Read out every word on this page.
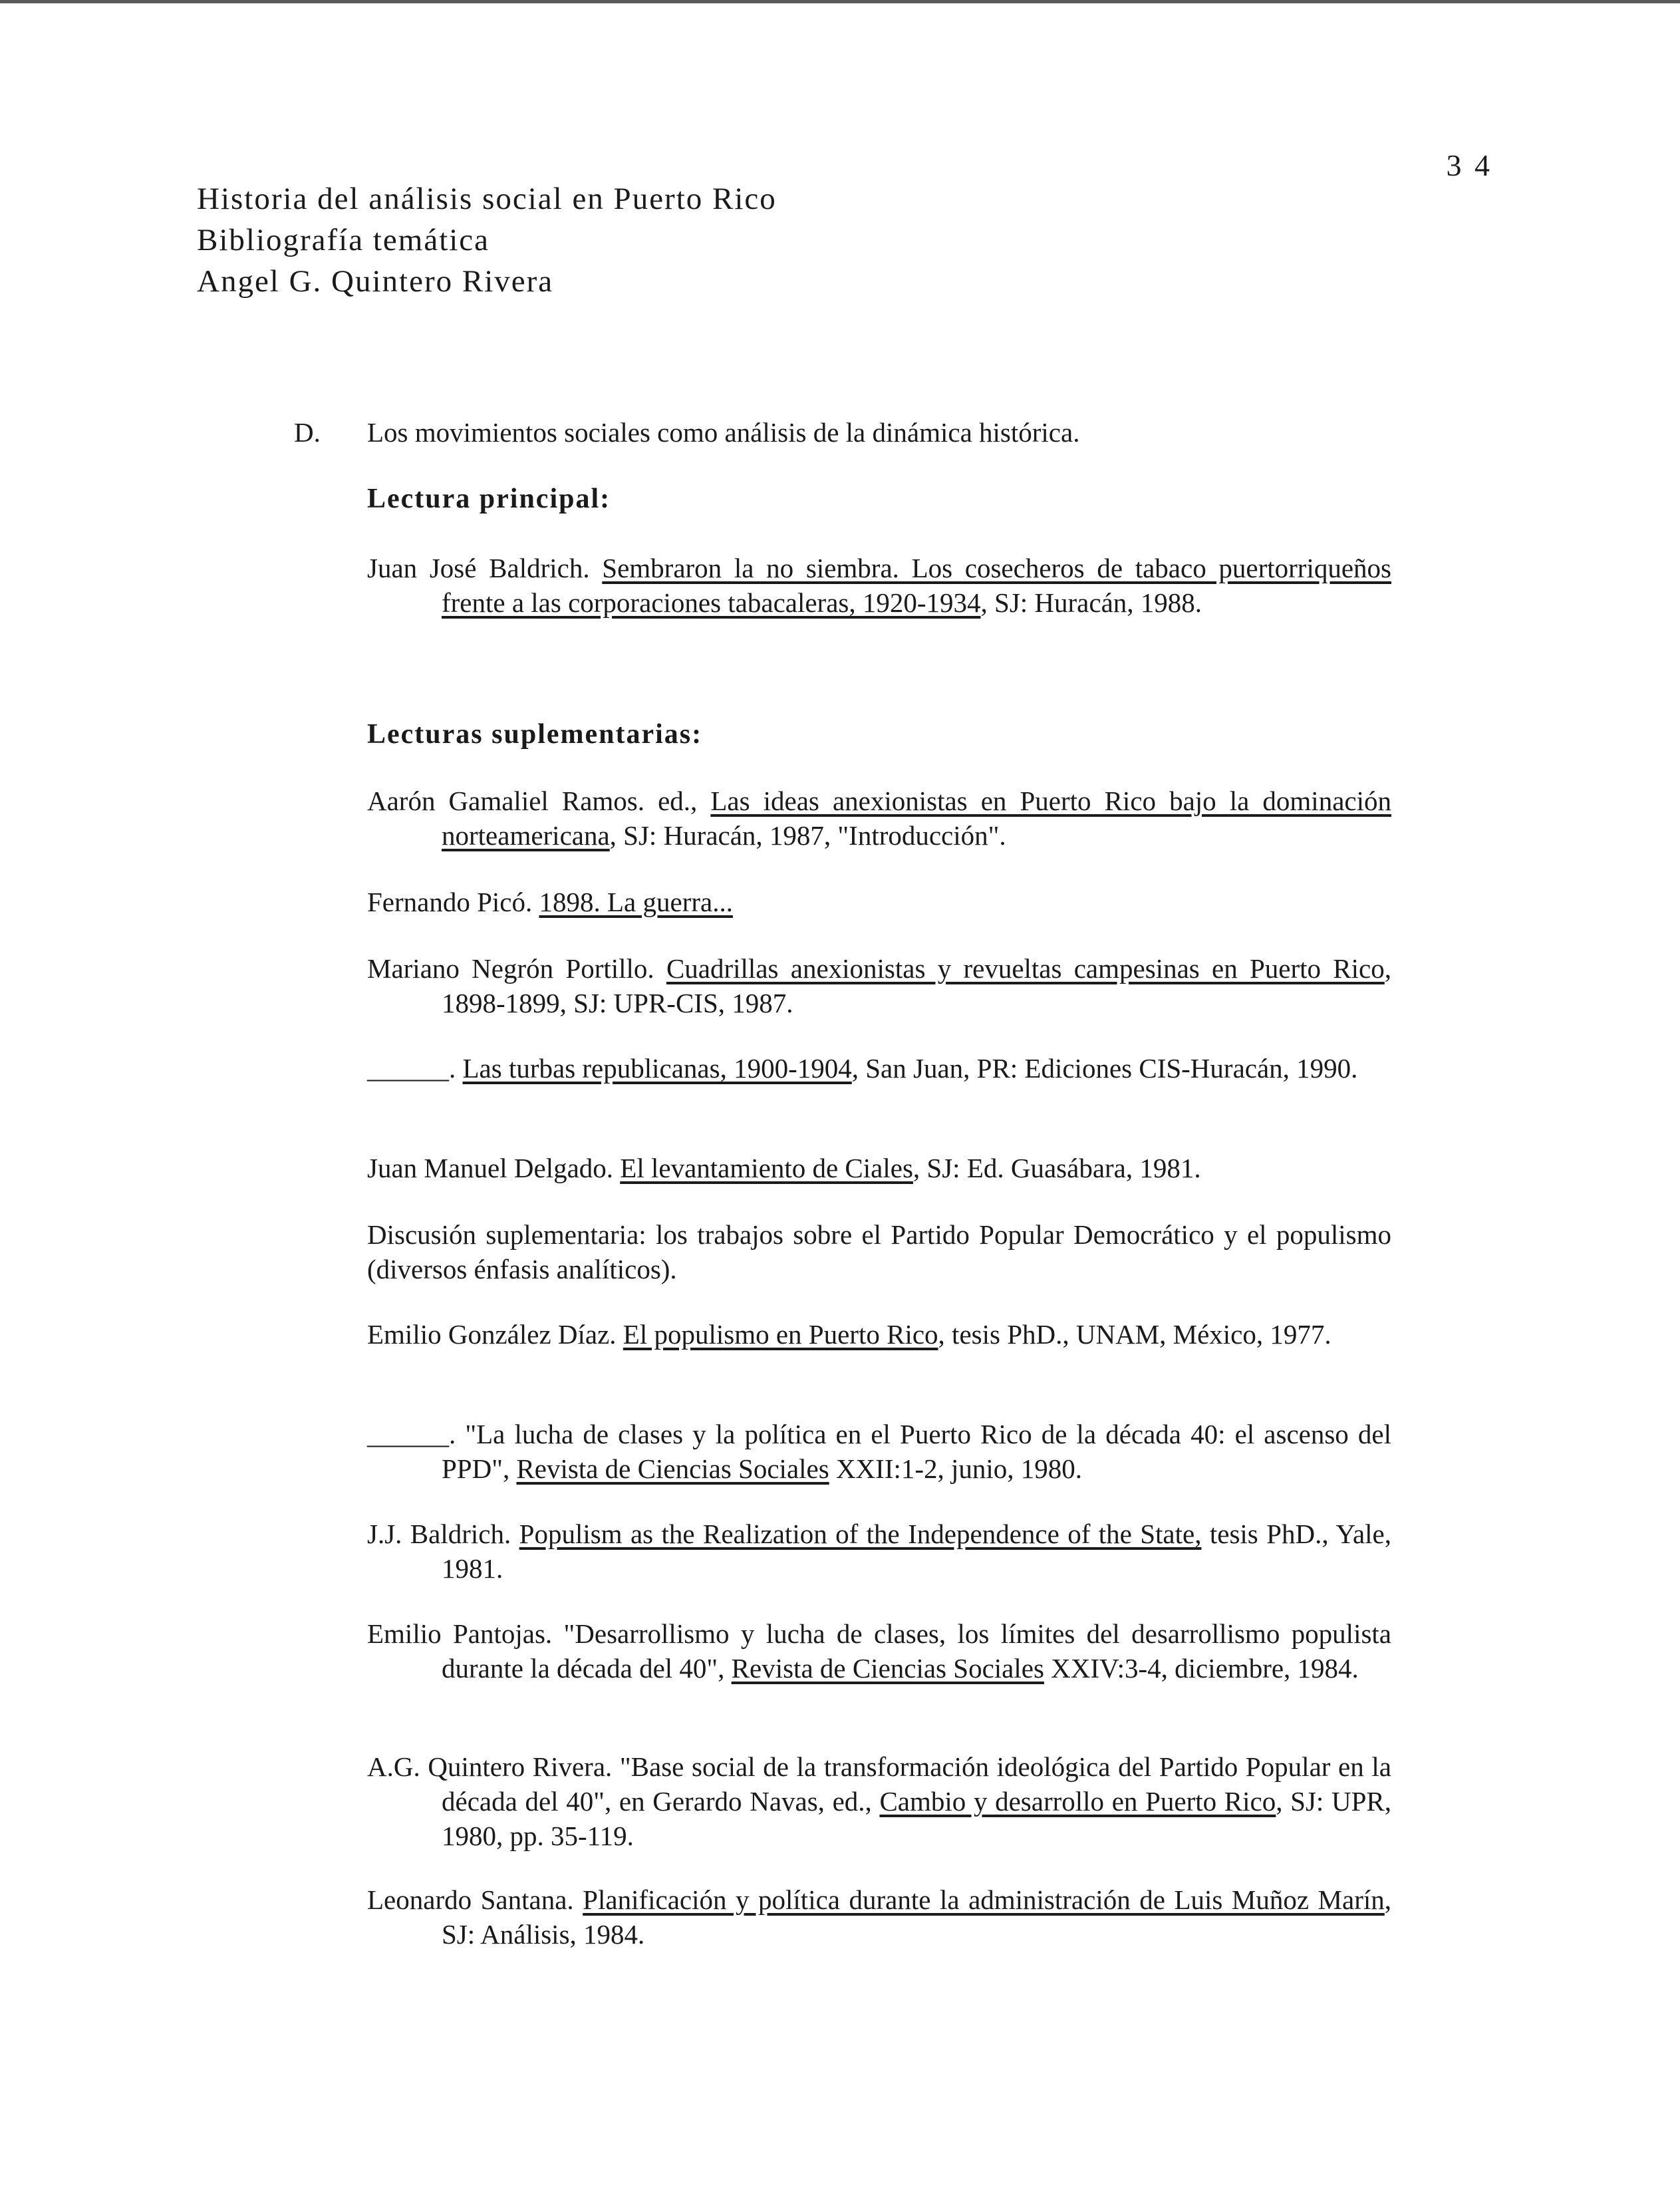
3 4
Historia del análisis social en Puerto Rico
Bibliografía temática
Angel G. Quintero Rivera
D. Los movimientos sociales como análisis de la dinámica histórica.
Lectura principal:
Juan José Baldrich. Sembraron la no siembra. Los cosecheros de tabaco puertorriqueños frente a las corporaciones tabacaleras, 1920-1934, SJ: Huracán, 1988.
Lecturas suplementarias:
Aarón Gamaliel Ramos. ed., Las ideas anexionistas en Puerto Rico bajo la dominación norteamericana, SJ: Huracán, 1987, "Introducción".
Fernando Picó. 1898. La guerra...
Mariano Negrón Portillo. Cuadrillas anexionistas y revueltas campesinas en Puerto Rico, 1898-1899, SJ: UPR-CIS, 1987.
______. Las turbas republicanas, 1900-1904, San Juan, PR: Ediciones CIS-Huracán, 1990.
Juan Manuel Delgado. El levantamiento de Ciales, SJ: Ed. Guasábara, 1981.
Discusión suplementaria: los trabajos sobre el Partido Popular Democrático y el populismo (diversos énfasis analíticos).
Emilio González Díaz. El populismo en Puerto Rico, tesis PhD., UNAM, México, 1977.
______. "La lucha de clases y la política en el Puerto Rico de la década 40: el ascenso del PPD", Revista de Ciencias Sociales XXII:1-2, junio, 1980.
J.J. Baldrich. Populism as the Realization of the Independence of the State, tesis PhD., Yale, 1981.
Emilio Pantojas. "Desarrollismo y lucha de clases, los límites del desarrollismo populista durante la década del 40", Revista de Ciencias Sociales XXIV:3-4, diciembre, 1984.
A.G. Quintero Rivera. "Base social de la transformación ideológica del Partido Popular en la década del 40", en Gerardo Navas, ed., Cambio y desarrollo en Puerto Rico, SJ: UPR, 1980, pp. 35-119.
Leonardo Santana. Planificación y política durante la administración de Luis Muñoz Marín, SJ: Análisis, 1984.
